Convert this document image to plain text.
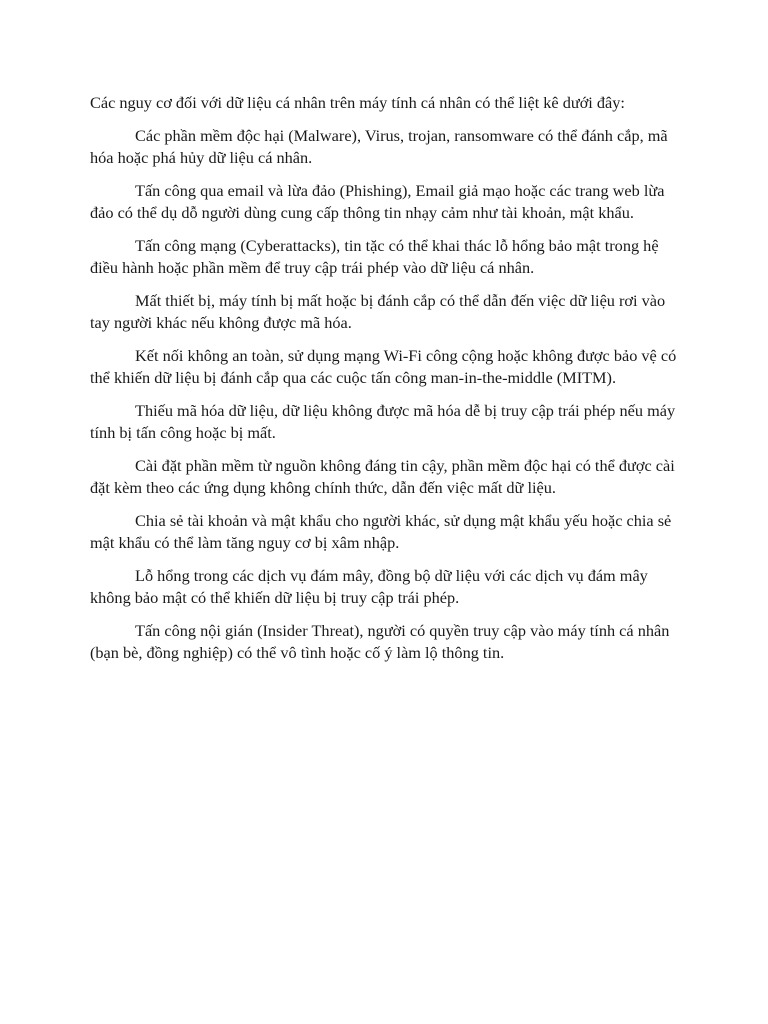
Các nguy cơ đối với dữ liệu cá nhân trên máy tính cá nhân có thể liệt kê dưới đây:

Các phần mềm độc hại (Malware), Virus, trojan, ransomware có thể đánh cắp, mã hóa hoặc phá hủy dữ liệu cá nhân.

Tấn công qua email và lừa đảo (Phishing), Email giả mạo hoặc các trang web lừa đảo có thể dụ dỗ người dùng cung cấp thông tin nhạy cảm như tài khoản, mật khẩu.

Tấn công mạng (Cyberattacks), tin tặc có thể khai thác lỗ hổng bảo mật trong hệ điều hành hoặc phần mềm để truy cập trái phép vào dữ liệu cá nhân.

Mất thiết bị, máy tính bị mất hoặc bị đánh cắp có thể dẫn đến việc dữ liệu rơi vào tay người khác nếu không được mã hóa.

Kết nối không an toàn, sử dụng mạng Wi-Fi công cộng hoặc không được bảo vệ có thể khiến dữ liệu bị đánh cắp qua các cuộc tấn công man-in-the-middle (MITM).

Thiếu mã hóa dữ liệu, dữ liệu không được mã hóa dễ bị truy cập trái phép nếu máy tính bị tấn công hoặc bị mất.

Cài đặt phần mềm từ nguồn không đáng tin cậy, phần mềm độc hại có thể được cài đặt kèm theo các ứng dụng không chính thức, dẫn đến việc mất dữ liệu.

Chia sẻ tài khoản và mật khẩu cho người khác, sử dụng mật khẩu yếu hoặc chia sẻ mật khẩu có thể làm tăng nguy cơ bị xâm nhập.

Lỗ hổng trong các dịch vụ đám mây, đồng bộ dữ liệu với các dịch vụ đám mây không bảo mật có thể khiến dữ liệu bị truy cập trái phép.

Tấn công nội gián (Insider Threat), người có quyền truy cập vào máy tính cá nhân (bạn bè, đồng nghiệp) có thể vô tình hoặc cố ý làm lộ thông tin.
